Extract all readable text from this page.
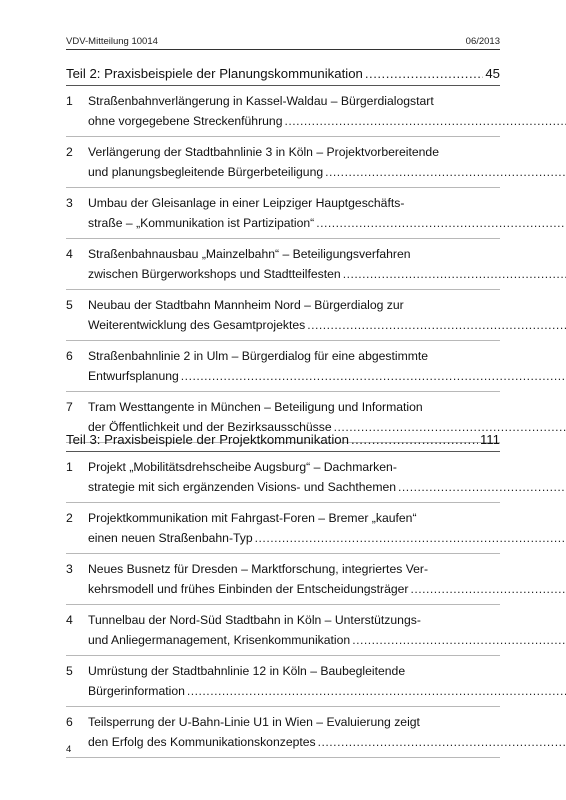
VDV-Mitteilung 10014	06/2013
Teil 2: Praxisbeispiele der Planungskommunikation .....	45
1	Straßenbahnverlängerung in Kassel-Waldau – Bürgerdialogstart
ohne vorgegebene Streckenführung
.....
2	Verlängerung der Stadtbahnlinie 3 in Köln – Projektvorbereitende
und planungsbegleitende Bürgerbeteiligung
.....
3	Umbau der Gleisanlage in einer Leipziger Hauptgeschäfts-
straße – „Kommunikation ist Partizipation“
.....
4	Straßenbahnausbau „Mainzelbahn“ – Beteiligungsverfahren
zwischen Bürgerworkshops und Stadtteilfesten
.....
5	Neubau der Stadtbahn Mannheim Nord – Bürgerdialog zur
Weiterentwicklung des Gesamtprojektes
.....
6	Straßenbahnlinie 2 in Ulm – Bürgerdialog für eine abgestimmte
Entwurfsplanung
.....
7	Tram Westtangente in München – Beteiligung und Information
der Öffentlichkeit und der Bezirksausschüsse
.....
Teil 3: Praxisbeispiele der Projektkommunikation .....	111
1	Projekt „Mobilitätsdrehscheibe Augsburg“ – Dachmarken-
strategie mit sich ergänzenden Visions- und Sachthemen
.....
2	Projektkommunikation mit Fahrgast-Foren – Bremer „kaufen“
einen neuen Straßenbahn-Typ
.....
3	Neues Busnetz für Dresden – Marktforschung, integriertes Ver-
kehrsmodell und frühes Einbinden der Entscheidungsträger
.....
4	Tunnelbau der Nord-Süd Stadtbahn in Köln – Unterstützungs-
und Anliegermanagement, Krisenkommunikation
.....
5	Umrüstung der Stadtbahnlinie 12 in Köln – Baubegleitende
Bürgerinformation
.....
6	Teilsperrung der U-Bahn-Linie U1 in Wien – Evaluierung zeigt
den Erfolg des Kommunikationskonzeptes
.....
4
